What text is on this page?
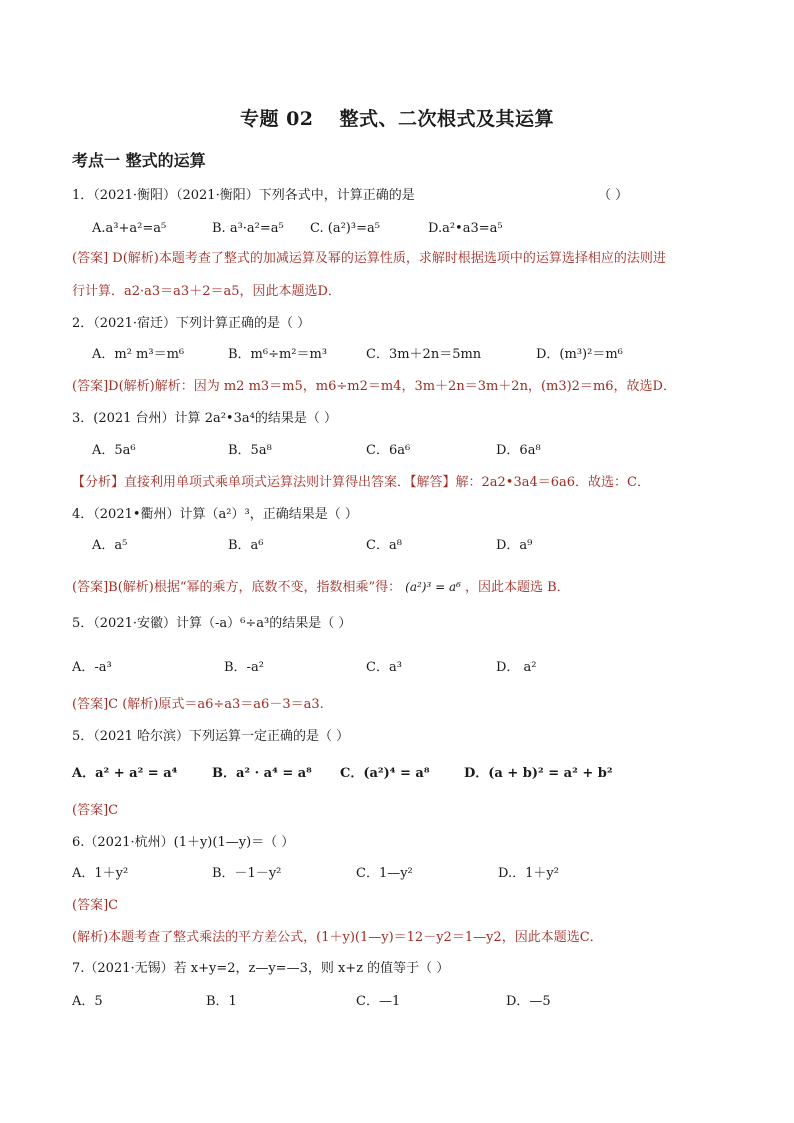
专题 02 整式、二次根式及其运算
考点一 整式的运算
1．（2021·衡阳）（2021·衡阳）下列各式中，计算正确的是	（ ）
A.a³+a²=a⁵	B. a³·a²=a⁵ C. (a²)³=a⁵	D.a²•a3=a⁵
(答案] D(解析)本题考查了整式的加减运算及幂的运算性质，求解时根据选项中的运算选择相应的法则进
行计算．a2·a3＝a3＋2＝a5，因此本题选D．
2．（2021·宿迁）下列计算正确的是（ ）
A．m² m³＝m⁶	B．m⁶÷m²＝m³	C．3m＋2n＝5mn	D．(m³)²＝m⁶
(答案]D(解析)解析：因为 m2 m3＝m5，m6÷m2＝m4，3m＋2n＝3m＋2n，(m3)2＝m6，故选D．
3．(2021 台州）计算 2a²•3a⁴的结果是（ ）
A．5a⁶	B．5a⁸	C．6a⁶	D．6a⁸
【分析】直接利用单项式乘单项式运算法则计算得出答案．【解答】解：2a2•3a4＝6a6．故选：C．
4．（2021•衢州）计算（a²）³，正确结果是（ ）
A．a⁵	B．a⁶	C．a⁸	D．a⁹
(答案]B(解析)根据“幂的乘方，底数不变，指数相乘”得： (a²)³ = a⁶ ，因此本题选 B．
5．（2021·安徽）计算（-a）⁶÷a³的结果是（ ）
A．-a³	B．-a²	C．a³	D． a²
(答案]C (解析)原式＝a6÷a3＝a6－3＝a3.
5．（2021 哈尔滨）下列运算一定正确的是（ ）
A．a² + a² = a⁴	B．a² · a⁴ = a⁸ C．(a²)⁴ = a⁸	D．(a + b)² = a² + b²
(答案]C
6.（2021·杭州）(1＋y)(1—y)＝（ ）
A．1＋y²	B．－1－y²	C．1—y²	D.．1＋y²
(答案]C
(解析)本题考查了整式乘法的平方差公式，(1＋y)(1—y)＝12－y2＝1—y2，因此本题选C．
7.（2021·无锡）若 x+y=2，z—y=—3，则 x+z 的值等于（ ）
A．5	B．1	C．—1	D．—5
